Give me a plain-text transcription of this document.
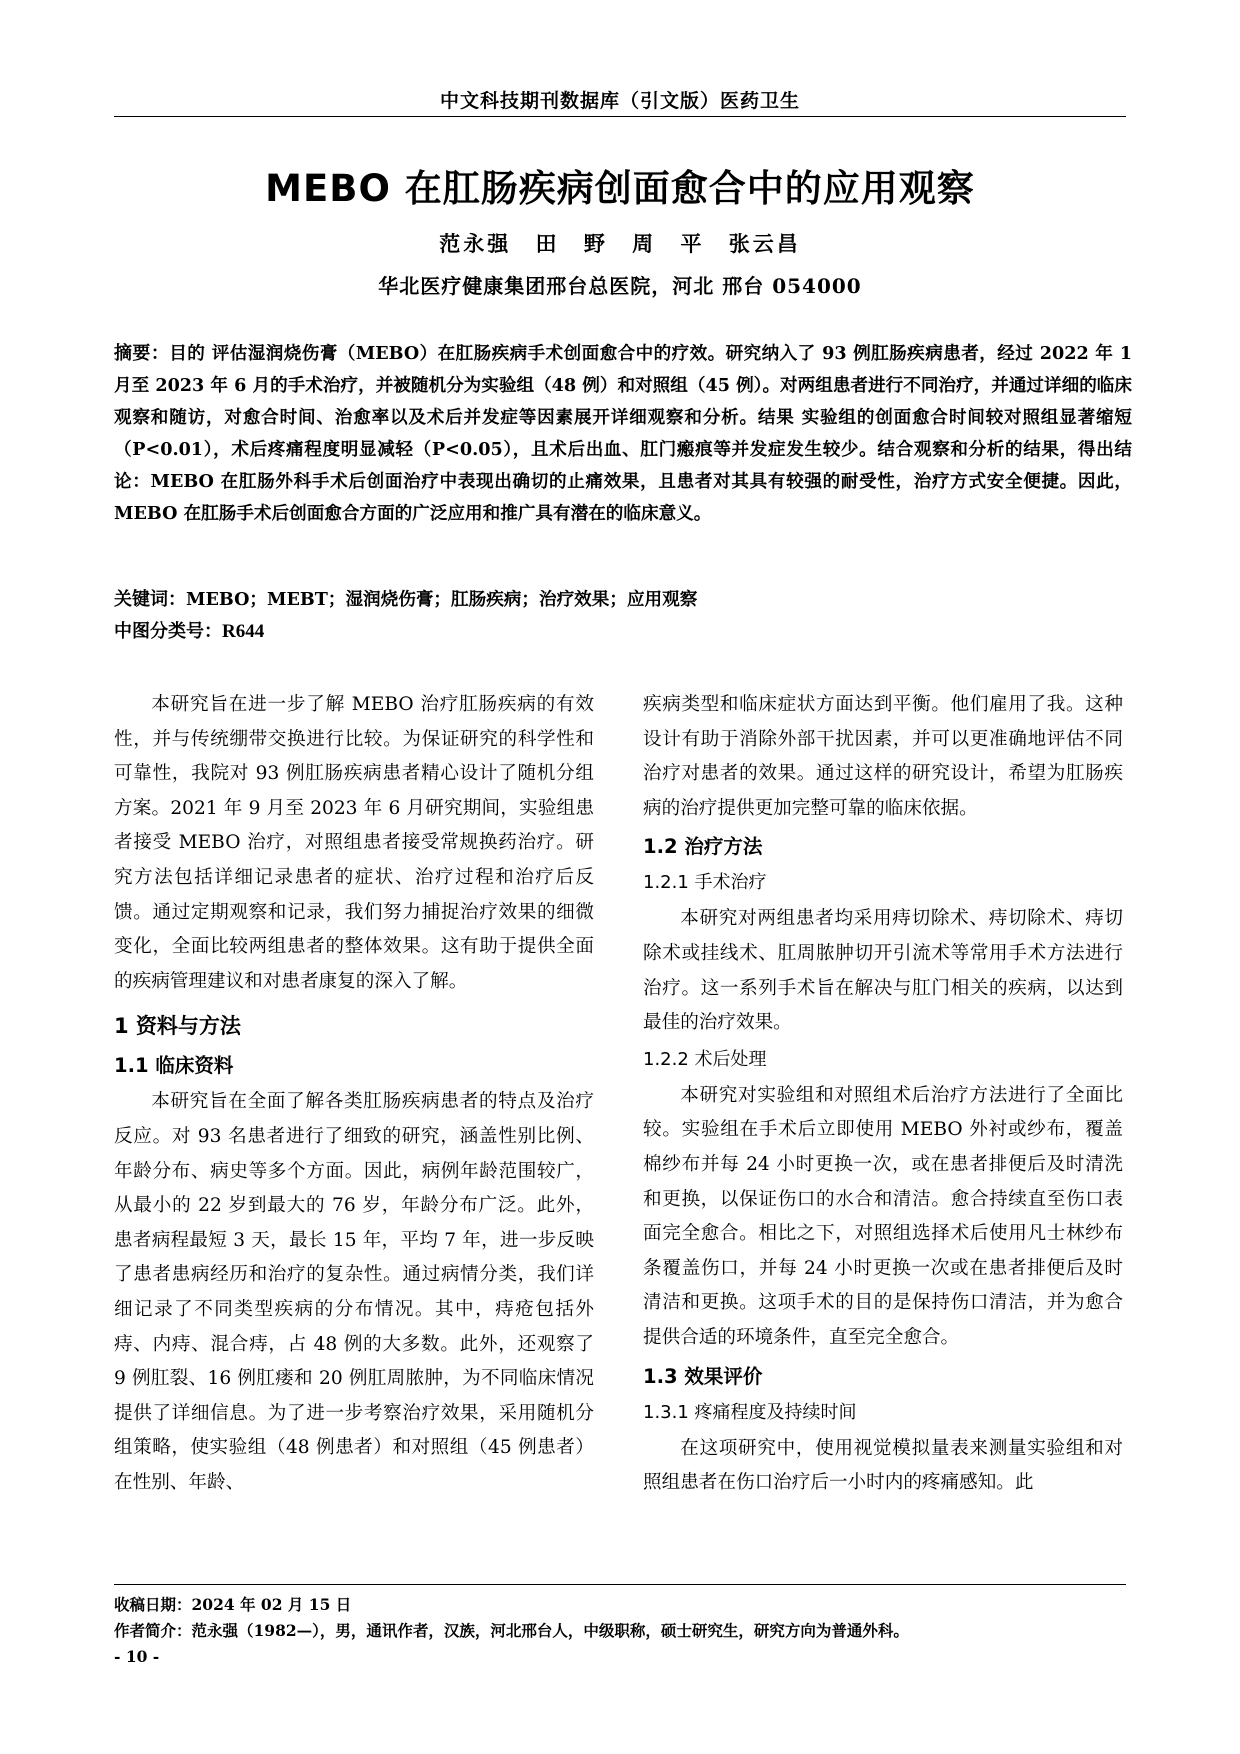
中文科技期刊数据库（引文版）医药卫生
MEBO 在肛肠疾病创面愈合中的应用观察
范永强 田 野 周 平 张云昌
华北医疗健康集团邢台总医院，河北 邢台 054000
摘要：目的 评估湿润烧伤膏（MEBO）在肛肠疾病手术创面愈合中的疗效。研究纳入了 93 例肛肠疾病患者，经过 2022 年 1 月至 2023 年 6 月的手术治疗，并被随机分为实验组（48 例）和对照组（45 例）。对两组患者进行不同治疗，并通过详细的临床观察和随访，对愈合时间、治愈率以及术后并发症等因素展开详细观察和分析。结果 实验组的创面愈合时间较对照组显著缩短（P<0.01），术后疼痛程度明显减轻（P<0.05），且术后出血、肛门瘢痕等并发症发生较少。结合观察和分析的结果，得出结论：MEBO 在肛肠外科手术后创面治疗中表现出确切的止痛效果，且患者对其具有较强的耐受性，治疗方式安全便捷。因此，MEBO 在肛肠手术后创面愈合方面的广泛应用和推广具有潜在的临床意义。
关键词：MEBO；MEBT；湿润烧伤膏；肛肠疾病；治疗效果；应用观察
中图分类号：R644

本研究旨在进一步了解 MEBO 治疗肛肠疾病的有效性，并与传统绷带交换进行比较。为保证研究的科学性和可靠性，我院对 93 例肛肠疾病患者精心设计了随机分组方案。2021 年 9 月至 2023 年 6 月研究期间，实验组患者接受 MEBO 治疗，对照组患者接受常规换药治疗。研究方法包括详细记录患者的症状、治疗过程和治疗后反馈。通过定期观察和记录，我们努力捕捉治疗效果的细微变化，全面比较两组患者的整体效果。这有助于提供全面的疾病管理建议和对患者康复的深入了解。

1 资料与方法
1.1 临床资料

本研究旨在全面了解各类肛肠疾病患者的特点及治疗反应。对 93 名患者进行了细致的研究，涵盖性别比例、年龄分布、病史等多个方面。因此，病例年龄范围较广，从最小的 22 岁到最大的 76 岁，年龄分布广泛。此外，患者病程最短 3 天，最长 15 年，平均 7 年，进一步反映了患者患病经历和治疗的复杂性。通过病情分类，我们详细记录了不同类型疾病的分布情况。其中，痔疮包括外痔、内痔、混合痔，占 48 例的大多数。此外，还观察了 9 例肛裂、16 例肛瘘和 20 例肛周脓肿，为不同临床情况提供了详细信息。为了进一步考察治疗效果，采用随机分组策略，使实验组（48 例患者）和对照组（45 例患者）在性别、年龄、

疾病类型和临床症状方面达到平衡。他们雇用了我。这种设计有助于消除外部干扰因素，并可以更准确地评估不同治疗对患者的效果。通过这样的研究设计，希望为肛肠疾病的治疗提供更加完整可靠的临床依据。

1.2 治疗方法
1.2.1 手术治疗

本研究对两组患者均采用痔切除术、痔切除术、痔切除术或挂线术、肛周脓肿切开引流术等常用手术方法进行治疗。这一系列手术旨在解决与肛门相关的疾病，以达到最佳的治疗效果。

1.2.2 术后处理

本研究对实验组和对照组术后治疗方法进行了全面比较。实验组在手术后立即使用 MEBO 外衬或纱布，覆盖棉纱布并每 24 小时更换一次，或在患者排便后及时清洗和更换，以保证伤口的水合和清洁。愈合持续直至伤口表面完全愈合。相比之下，对照组选择术后使用凡士林纱布条覆盖伤口，并每 24 小时更换一次或在患者排便后及时清洁和更换。这项手术的目的是保持伤口清洁，并为愈合提供合适的环境条件，直至完全愈合。

1.3 效果评价
1.3.1 疼痛程度及持续时间

在这项研究中，使用视觉模拟量表来测量实验组和对照组患者在伤口治疗后一小时内的疼痛感知。此

收稿日期：2024 年 02 月 15 日
作者简介：范永强（1982—），男，通讯作者，汉族，河北邢台人，中级职称，硕士研究生，研究方向为普通外科。
- 10 -
